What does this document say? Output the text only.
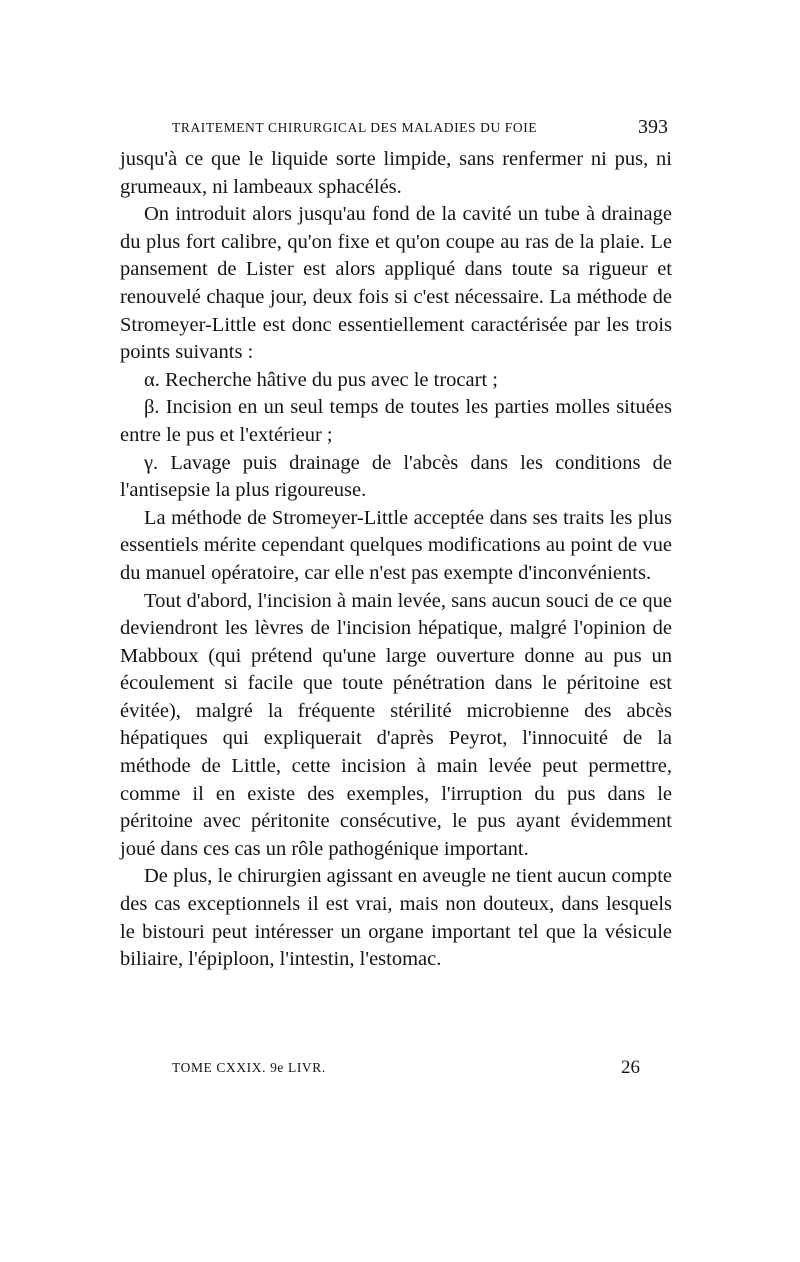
TRAITEMENT CHIRURGICAL DES MALADIES DU FOIE	393

jusqu'à ce que le liquide sorte limpide, sans renfermer ni pus, ni grumeaux, ni lambeaux sphacélés.

On introduit alors jusqu'au fond de la cavité un tube à drainage du plus fort calibre, qu'on fixe et qu'on coupe au ras de la plaie. Le pansement de Lister est alors appliqué dans toute sa rigueur et renouvelé chaque jour, deux fois si c'est nécessaire. La méthode de Stromeyer-Little est donc essentiellement caractérisée par les trois points suivants :

α. Recherche hâtive du pus avec le trocart ;

β. Incision en un seul temps de toutes les parties molles situées entre le pus et l'extérieur ;

γ. Lavage puis drainage de l'abcès dans les conditions de l'antisepsie la plus rigoureuse.

La méthode de Stromeyer-Little acceptée dans ses traits les plus essentiels mérite cependant quelques modifications au point de vue du manuel opératoire, car elle n'est pas exempte d'inconvénients.

Tout d'abord, l'incision à main levée, sans aucun souci de ce que deviendront les lèvres de l'incision hépatique, malgré l'opinion de Mabboux (qui prétend qu'une large ouverture donne au pus un écoulement si facile que toute pénétration dans le péritoine est évitée), malgré la fréquente stérilité microbienne des abcès hépatiques qui expliquerait d'après Peyrot, l'innocuité de la méthode de Little, cette incision à main levée peut permettre, comme il en existe des exemples, l'irruption du pus dans le péritoine avec péritonite consécutive, le pus ayant évidemment joué dans ces cas un rôle pathogénique important.

De plus, le chirurgien agissant en aveugle ne tient aucun compte des cas exceptionnels il est vrai, mais non douteux, dans lesquels le bistouri peut intéresser un organe important tel que la vésicule biliaire, l'épiploon, l'intestin, l'estomac.

TOME CXXIX. 9e LIVR.	26
